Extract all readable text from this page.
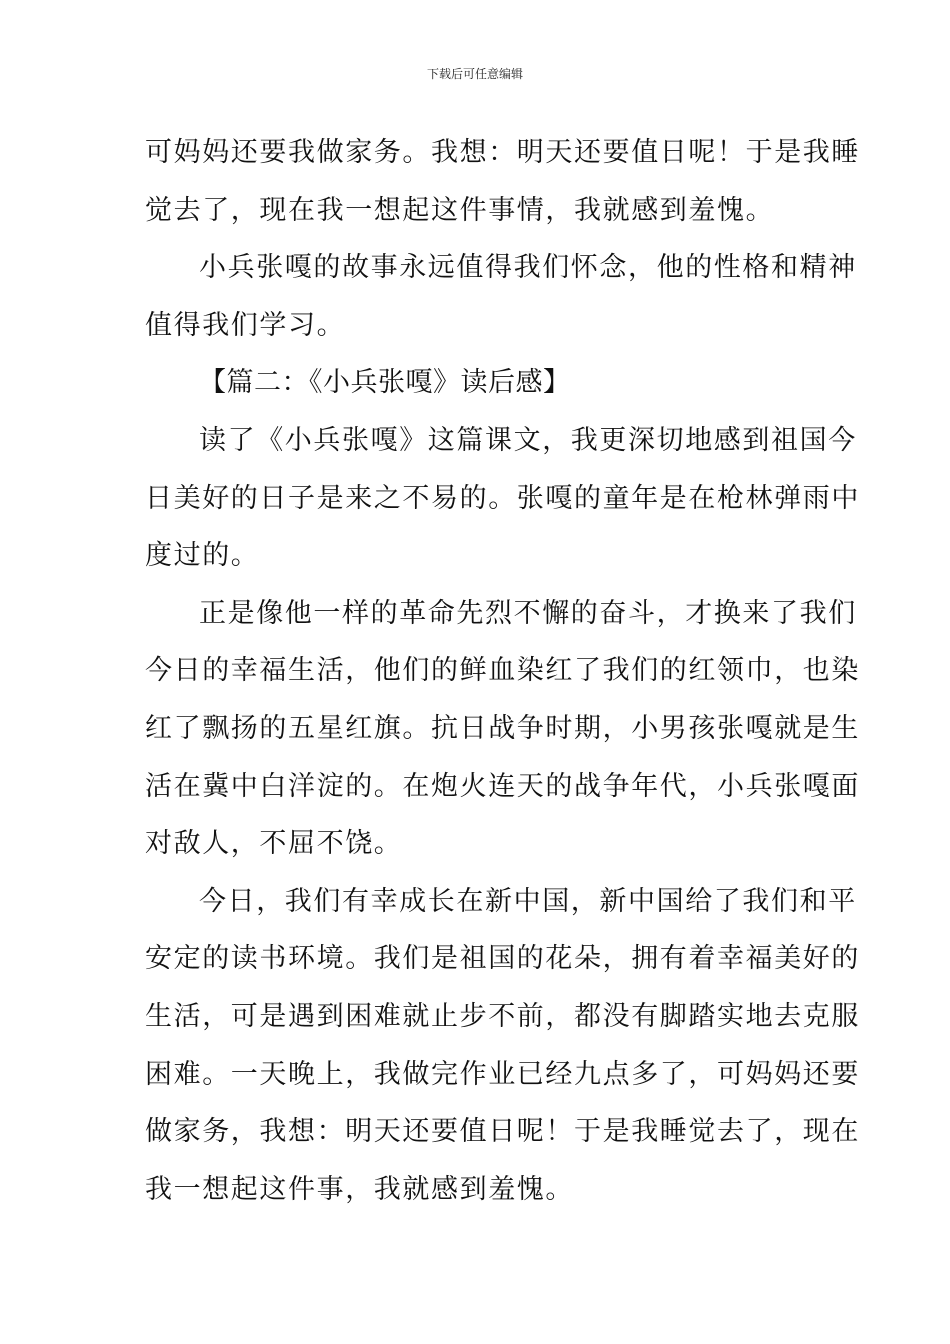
下载后可任意编辑
可妈妈还要我做家务。我想：明天还要值日呢！于是我睡
觉去了，现在我一想起这件事情，我就感到羞愧。
小兵张嘎的故事永远值得我们怀念，他的性格和精神
值得我们学习。
【篇二：《小兵张嘎》读后感】
读了《小兵张嘎》这篇课文，我更深切地感到祖国今
日美好的日子是来之不易的。张嘎的童年是在枪林弹雨中
度过的。
正是像他一样的革命先烈不懈的奋斗，才换来了我们
今日的幸福生活，他们的鲜血染红了我们的红领巾，也染
红了飘扬的五星红旗。抗日战争时期，小男孩张嘎就是生
活在冀中白洋淀的。在炮火连天的战争年代，小兵张嘎面
对敌人，不屈不饶。
今日，我们有幸成长在新中国，新中国给了我们和平
安定的读书环境。我们是祖国的花朵，拥有着幸福美好的
生活，可是遇到困难就止步不前，都没有脚踏实地去克服
困难。一天晚上，我做完作业已经九点多了，可妈妈还要
做家务，我想：明天还要值日呢！于是我睡觉去了，现在
我一想起这件事，我就感到羞愧。
